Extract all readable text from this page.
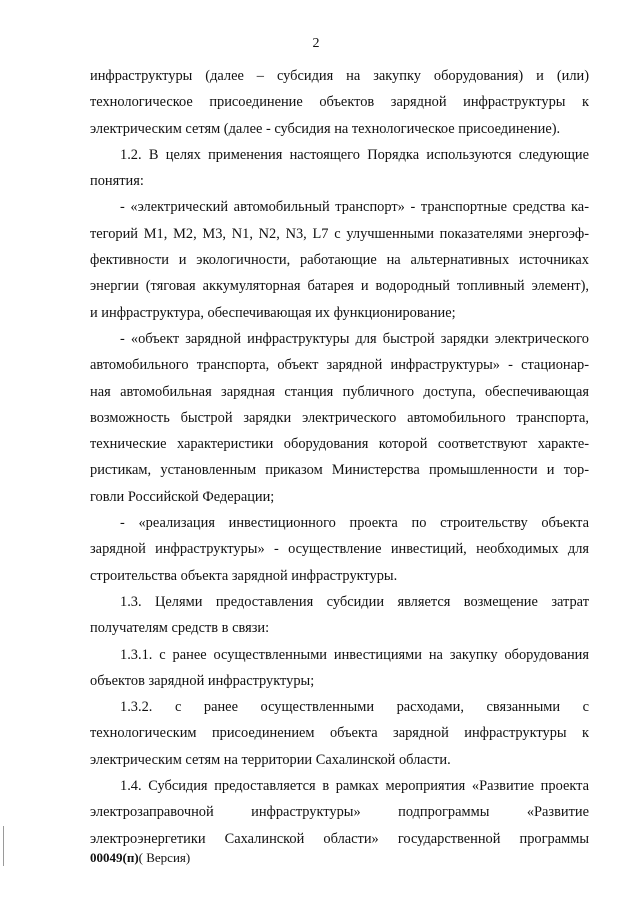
2

инфраструктуры (далее – субсидия на закупку оборудования) и (или)
технологическое присоединение объектов зарядной инфраструктуры к
электрическим сетям (далее - субсидия на технологическое присоединение).

1.2. В целях применения настоящего Порядка используются следующие
понятия:

- «электрический автомобильный транспорт» - транспортные средства ка-
тегорий M1, M2, M3, N1, N2, N3, L7 с улучшенными показателями энергоэф-
фективности и экологичности, работающие на альтернативных источниках
энергии (тяговая аккумуляторная батарея и водородный топливный элемент),
и инфраструктура, обеспечивающая их функционирование;

- «объект зарядной инфраструктуры для быстрой зарядки электрического
автомобильного транспорта, объект зарядной инфраструктуры» - стационар-
ная автомобильная зарядная станция публичного доступа, обеспечивающая
возможность быстрой зарядки электрического автомобильного транспорта,
технические характеристики оборудования которой соответствуют характе-
ристикам, установленным приказом Министерства промышленности и тор-
говли Российской Федерации;

- «реализация инвестиционного проекта по строительству объекта
зарядной инфраструктуры» - осуществление инвестиций, необходимых для
строительства объекта зарядной инфраструктуры.

1.3. Целями предоставления субсидии является возмещение затрат
получателям средств в связи:

1.3.1. с ранее осуществленными инвестициями на закупку оборудования
объектов зарядной инфраструктуры;

1.3.2. с ранее осуществленными расходами, связанными с
технологическим присоединением объекта зарядной инфраструктуры к
электрическим сетям на территории Сахалинской области.

1.4. Субсидия предоставляется в рамках мероприятия «Развитие проекта
электрозаправочной инфраструктуры» подпрограммы «Развитие
электроэнергетики Сахалинской области» государственной программы

00049(п)( Версия)
